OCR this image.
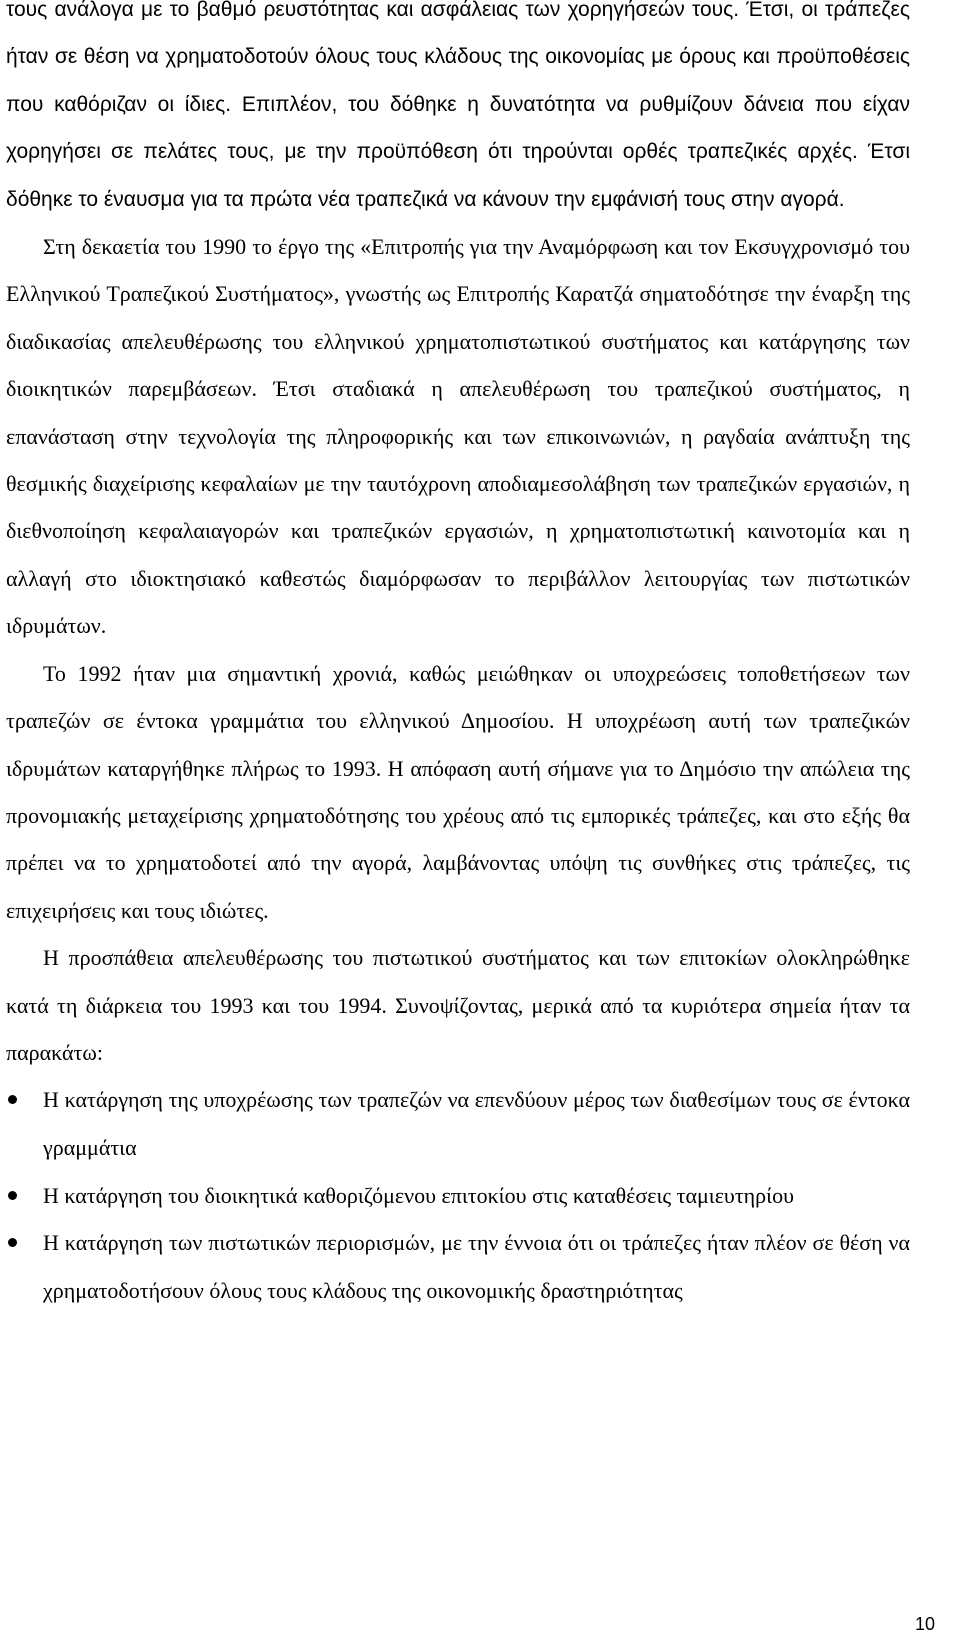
τους ανάλογα με το βαθμό ρευστότητας και ασφάλειας των χορηγήσεών τους. Έτσι, οι τράπεζες ήταν σε θέση να χρηματοδοτούν όλους τους κλάδους της οικονομίας με όρους και προϋποθέσεις που καθόριζαν οι ίδιες. Επιπλέον, του δόθηκε η δυνατότητα να ρυθμίζουν δάνεια που είχαν χορηγήσει σε πελάτες τους, με την προϋπόθεση ότι τηρούνται ορθές τραπεζικές αρχές. Έτσι δόθηκε το έναυσμα για τα πρώτα νέα τραπεζικά να κάνουν την εμφάνισή τους στην αγορά.

Στη δεκαετία του 1990 το έργο της «Επιτροπής για την Αναμόρφωση και τον Εκσυγχρονισμό του Ελληνικού Τραπεζικού Συστήματος», γνωστής ως Επιτροπής Καρατζά σηματοδότησε την έναρξη της διαδικασίας απελευθέρωσης του ελληνικού χρηματοπιστωτικού συστήματος και κατάργησης των διοικητικών παρεμβάσεων. Έτσι σταδιακά η απελευθέρωση του τραπεζικού συστήματος, η επανάσταση στην τεχνολογία της πληροφορικής και των επικοινωνιών, η ραγδαία ανάπτυξη της θεσμικής διαχείρισης κεφαλαίων με την ταυτόχρονη αποδιαμεσολάβηση των τραπεζικών εργασιών, η διεθνοποίηση κεφαλαιαγορών και τραπεζικών εργασιών, η χρηματοπιστωτική καινοτομία και η αλλαγή στο ιδιοκτησιακό καθεστώς διαμόρφωσαν το περιβάλλον λειτουργίας των πιστωτικών ιδρυμάτων.

Το 1992 ήταν μια σημαντική χρονιά, καθώς μειώθηκαν οι υποχρεώσεις τοποθετήσεων των τραπεζών σε έντοκα γραμμάτια του ελληνικού Δημοσίου. Η υποχρέωση αυτή των τραπεζικών ιδρυμάτων καταργήθηκε πλήρως το 1993. Η απόφαση αυτή σήμανε για το Δημόσιο την απώλεια της προνομιακής μεταχείρισης χρηματοδότησης του χρέους από τις εμπορικές τράπεζες, και στο εξής θα πρέπει να το χρηματοδοτεί από την αγορά, λαμβάνοντας υπόψη τις συνθήκες στις τράπεζες, τις επιχειρήσεις και τους ιδιώτες.

Η προσπάθεια απελευθέρωσης του πιστωτικού συστήματος και των επιτοκίων ολοκληρώθηκε κατά τη διάρκεια του 1993 και του 1994. Συνοψίζοντας, μερικά από τα κυριότερα σημεία ήταν τα παρακάτω:

Η κατάργηση της υποχρέωσης των τραπεζών να επενδύουν μέρος των διαθεσίμων τους σε έντοκα γραμμάτια
Η κατάργηση του διοικητικά καθοριζόμενου επιτοκίου στις καταθέσεις ταμιευτηρίου
Η κατάργηση των πιστωτικών περιορισμών, με την έννοια ότι οι τράπεζες ήταν πλέον σε θέση να χρηματοδοτήσουν όλους τους κλάδους της οικονομικής δραστηριότητας
10
